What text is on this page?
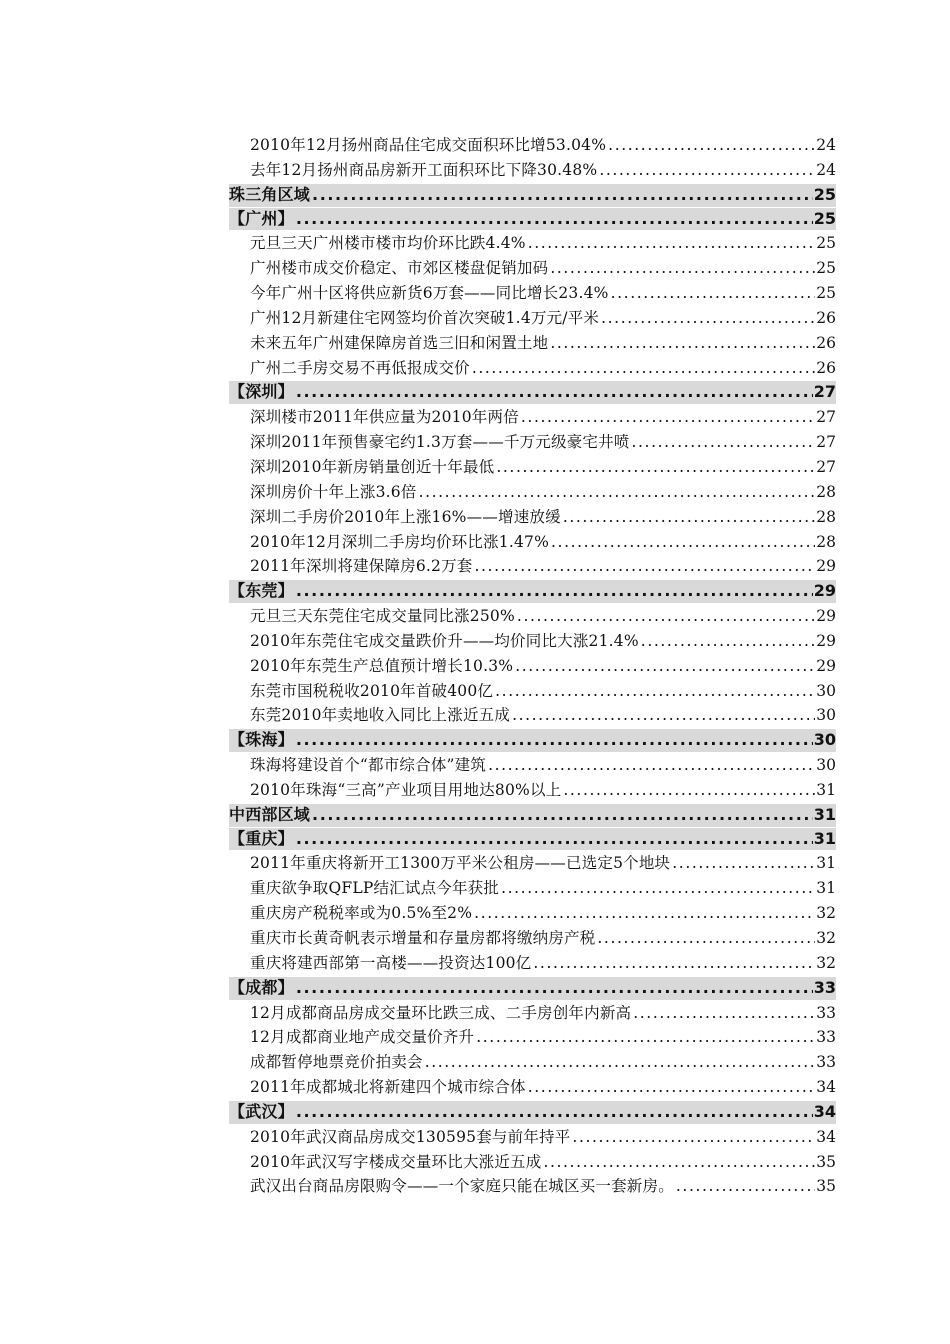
2010年12月扬州商品住宅成交面积环比增53.04% .....	24
去年12月扬州商品房新开工面积环比下降30.48% .....	24
珠三角区域 .....	25
【广州】 .....	25
元旦三天广州楼市楼市均价环比跌4.4% .....	25
广州楼市成交价稳定、市郊区楼盘促销加码 .....	25
今年广州十区将供应新货6万套——同比增长23.4% .....	25
广州12月新建住宅网签均价首次突破1.4万元/平米 .....	26
未来五年广州建保障房首选三旧和闲置土地 .....	26
广州二手房交易不再低报成交价 .....	26
【深圳】 .....	27
深圳楼市2011年供应量为2010年两倍 .....	27
深圳2011年预售豪宅约1.3万套——千万元级豪宅井喷 .....	27
深圳2010年新房销量创近十年最低 .....	27
深圳房价十年上涨3.6倍 .....	28
深圳二手房价2010年上涨16%——增速放缓 .....	28
2010年12月深圳二手房均价环比涨1.47% .....	28
2011年深圳将建保障房6.2万套 .....	29
【东莞】 .....	29
元旦三天东莞住宅成交量同比涨250% .....	29
2010年东莞住宅成交量跌价升——均价同比大涨21.4% .....	29
2010年东莞生产总值预计增长10.3% .....	29
东莞市国税税收2010年首破400亿 .....	30
东莞2010年卖地收入同比上涨近五成 .....	30
【珠海】 .....	30
珠海将建设首个“都市综合体”建筑 .....	30
2010年珠海“三高”产业项目用地达80%以上 .....	31
中西部区域 .....	31
【重庆】 .....	31
2011年重庆将新开工1300万平米公租房——已选定5个地块 .....	31
重庆欲争取QFLP结汇试点今年获批 .....	31
重庆房产税税率或为0.5%至2% .....	32
重庆市长黄奇帆表示增量和存量房都将缴纳房产税 .....	32
重庆将建西部第一高楼——投资达100亿 .....	32
【成都】 .....	33
12月成都商品房成交量环比跌三成、二手房创年内新高 .....	33
12月成都商业地产成交量价齐升 .....	33
成都暂停地票竞价拍卖会 .....	33
2011年成都城北将新建四个城市综合体 .....	34
【武汉】 .....	34
2010年武汉商品房成交130595套与前年持平 .....	34
2010年武汉写字楼成交量环比大涨近五成 .....	35
武汉出台商品房限购令——一个家庭只能在城区买一套新房。 .....	35
